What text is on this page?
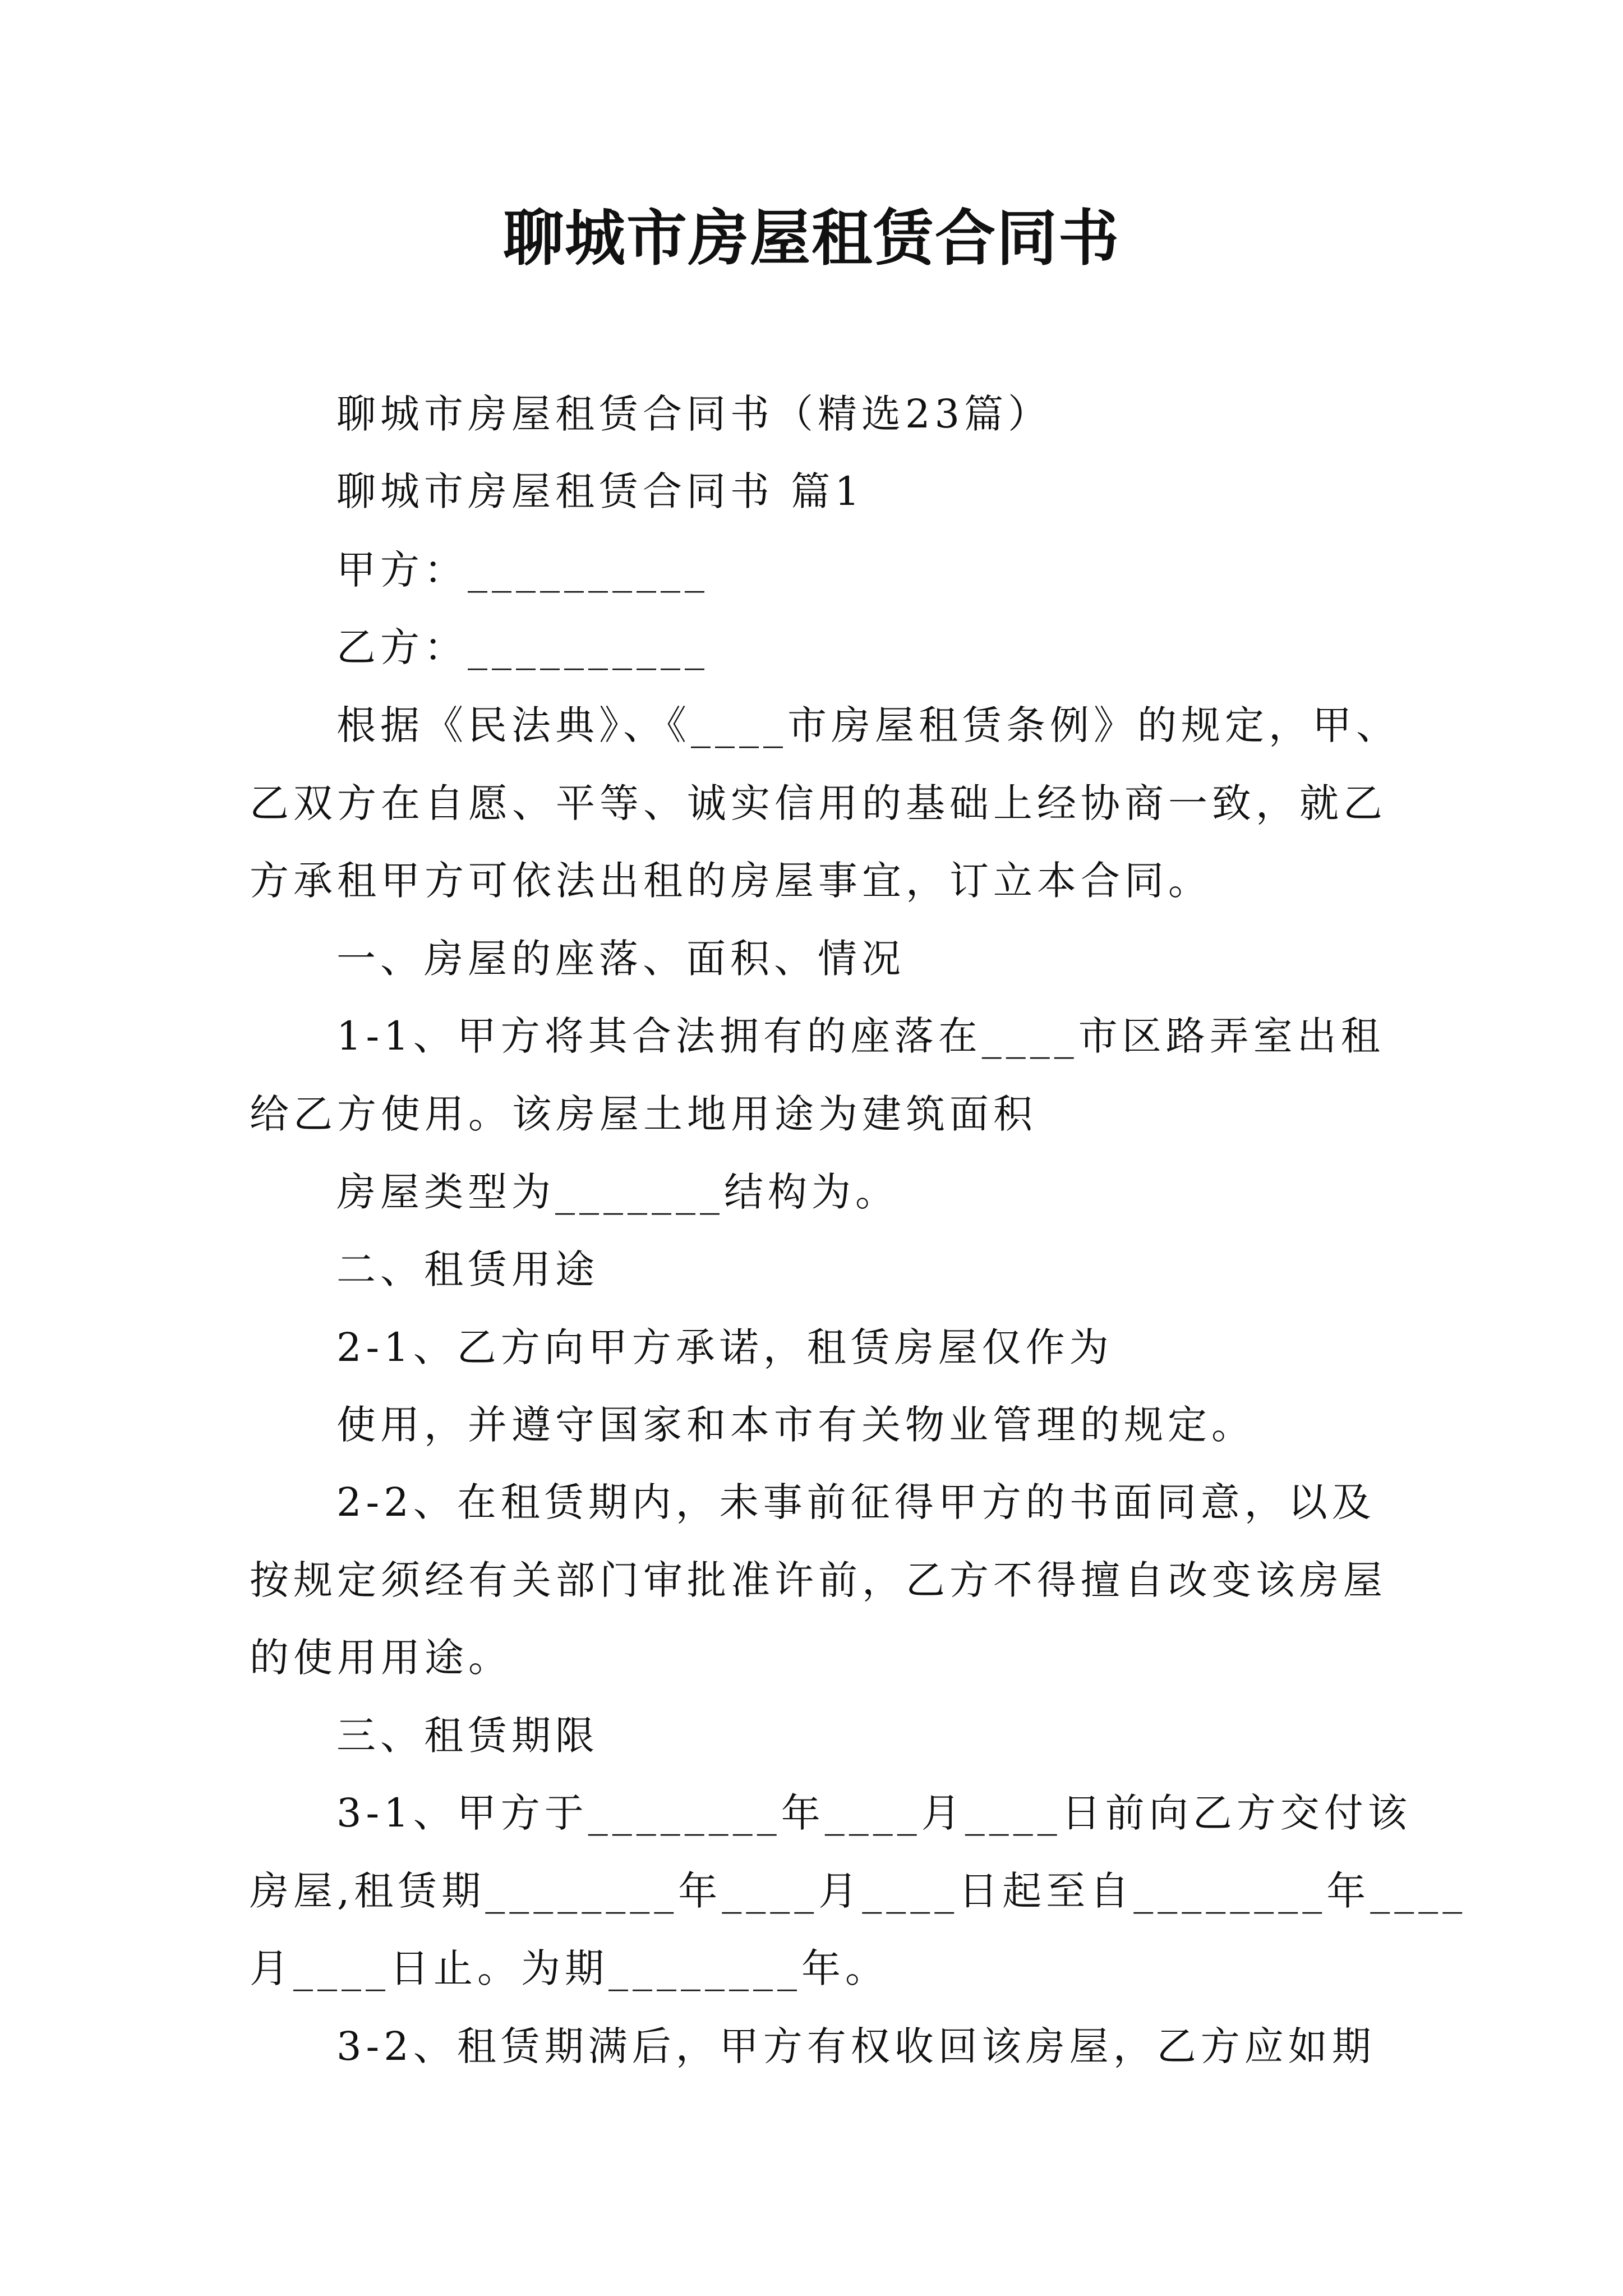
聊城市房屋租赁合同书

聊城市房屋租赁合同书（精选23篇）

聊城市房屋租赁合同书 篇1

甲方：__________

乙方：__________

根据《民法典》、《____市房屋租赁条例》的规定，甲、

乙双方在自愿、平等、诚实信用的基础上经协商一致，就乙

方承租甲方可依法出租的房屋事宜，订立本合同。

一、房屋的座落、面积、情况

1-1、甲方将其合法拥有的座落在____市区路弄室出租

给乙方使用。该房屋土地用途为建筑面积

房屋类型为_______结构为。

二、租赁用途

2-1、乙方向甲方承诺，租赁房屋仅作为

使用，并遵守国家和本市有关物业管理的规定。

2-2、在租赁期内，未事前征得甲方的书面同意，以及

按规定须经有关部门审批准许前，乙方不得擅自改变该房屋

的使用用途。

三、租赁期限

3-1、甲方于________年____月____日前向乙方交付该

房屋,租赁期________年____月____日起至自________年____

月____日止。为期________年。

3-2、租赁期满后，甲方有权收回该房屋，乙方应如期
